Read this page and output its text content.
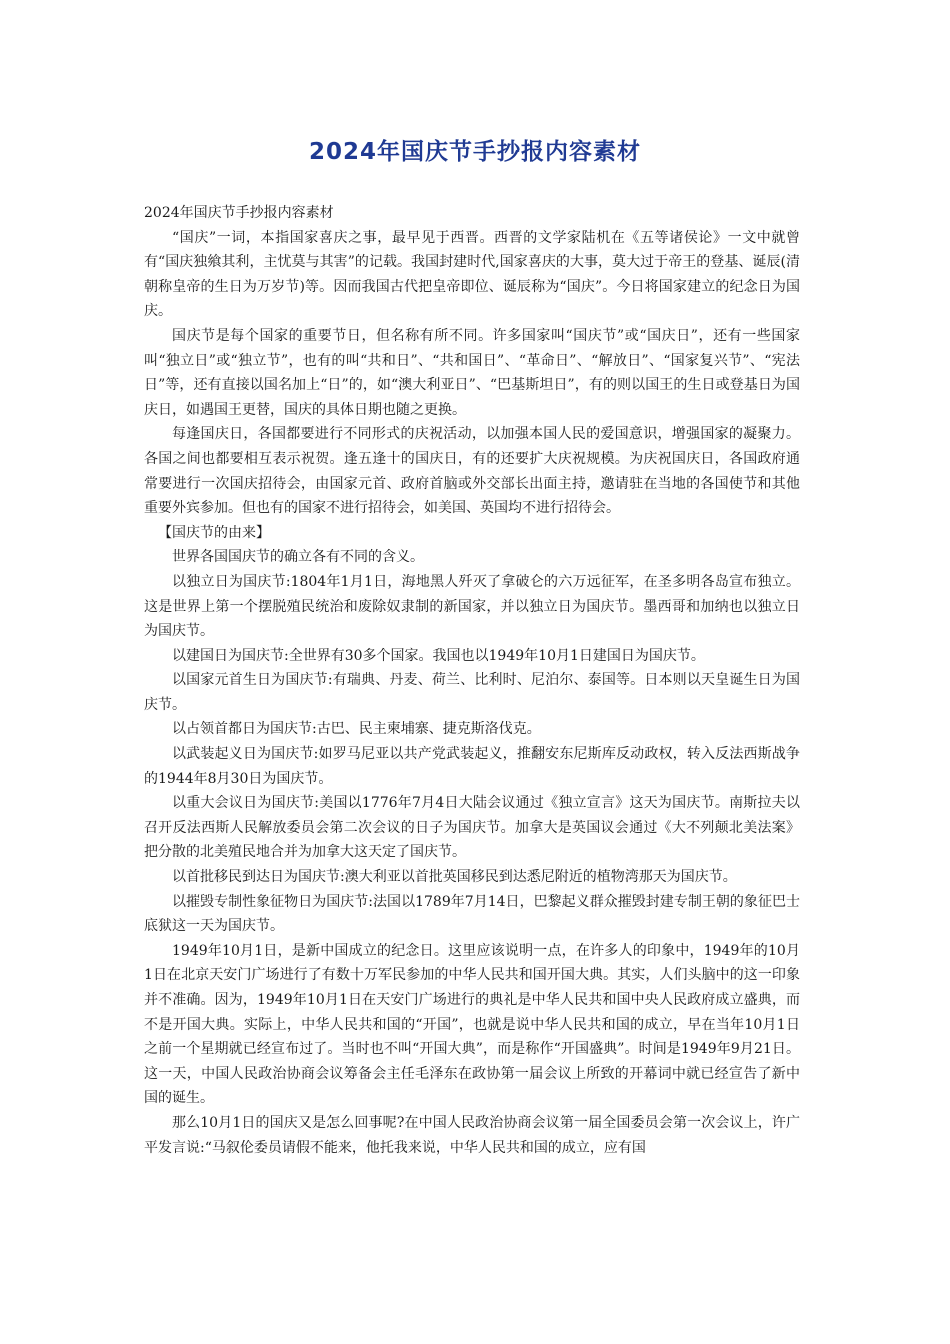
2024年国庆节手抄报内容素材

2024年国庆节手抄报内容素材

“国庆”一词，本指国家喜庆之事，最早见于西晋。西晋的文学家陆机在《五等诸侯论》一文中就曾有“国庆独飨其利，主忧莫与其害”的记载。我国封建时代,国家喜庆的大事，莫大过于帝王的登基、诞辰(清朝称皇帝的生日为万岁节)等。因而我国古代把皇帝即位、诞辰称为“国庆”。今日将国家建立的纪念日为国庆。

国庆节是每个国家的重要节日，但名称有所不同。许多国家叫“国庆节”或“国庆日”，还有一些国家叫“独立日”或“独立节”，也有的叫“共和日”、“共和国日”、“革命日”、“解放日”、“国家复兴节”、“宪法日”等，还有直接以国名加上“日”的，如“澳大利亚日”、“巴基斯坦日”，有的则以国王的生日或登基日为国庆日，如遇国王更替，国庆的具体日期也随之更换。

每逢国庆日，各国都要进行不同形式的庆祝活动，以加强本国人民的爱国意识，增强国家的凝聚力。各国之间也都要相互表示祝贺。逢五逢十的国庆日，有的还要扩大庆祝规模。为庆祝国庆日，各国政府通常要进行一次国庆招待会，由国家元首、政府首脑或外交部长出面主持，邀请驻在当地的各国使节和其他重要外宾参加。但也有的国家不进行招待会，如美国、英国均不进行招待会。

【国庆节的由来】

世界各国国庆节的确立各有不同的含义。

以独立日为国庆节:1804年1月1日，海地黑人歼灭了拿破仑的六万远征军，在圣多明各岛宣布独立。这是世界上第一个摆脱殖民统治和废除奴隶制的新国家，并以独立日为国庆节。墨西哥和加纳也以独立日为国庆节。

以建国日为国庆节:全世界有30多个国家。我国也以1949年10月1日建国日为国庆节。

以国家元首生日为国庆节:有瑞典、丹麦、荷兰、比利时、尼泊尔、泰国等。日本则以天皇诞生日为国庆节。

以占领首都日为国庆节:古巴、民主柬埔寨、捷克斯洛伐克。

以武装起义日为国庆节:如罗马尼亚以共产党武装起义，推翻安东尼斯库反动政权，转入反法西斯战争的1944年8月30日为国庆节。

以重大会议日为国庆节:美国以1776年7月4日大陆会议通过《独立宣言》这天为国庆节。南斯拉夫以召开反法西斯人民解放委员会第二次会议的日子为国庆节。加拿大是英国议会通过《大不列颠北美法案》把分散的北美殖民地合并为加拿大这天定了国庆节。

以首批移民到达日为国庆节:澳大利亚以首批英国移民到达悉尼附近的植物湾那天为国庆节。

以摧毁专制性象征物日为国庆节:法国以1789年7月14日，巴黎起义群众摧毁封建专制王朝的象征巴士底狱这一天为国庆节。

1949年10月1日，是新中国成立的纪念日。这里应该说明一点，在许多人的印象中，1949年的10月1日在北京天安门广场进行了有数十万军民参加的中华人民共和国开国大典。其实，人们头脑中的这一印象并不准确。因为，1949年10月1日在天安门广场进行的典礼是中华人民共和国中央人民政府成立盛典，而不是开国大典。实际上，中华人民共和国的“开国”，也就是说中华人民共和国的成立，早在当年10月1日之前一个星期就已经宣布过了。当时也不叫“开国大典”，而是称作“开国盛典”。时间是1949年9月21日。这一天，中国人民政治协商会议筹备会主任毛泽东在政协第一届会议上所致的开幕词中就已经宣告了新中国的诞生。

那么10月1日的国庆又是怎么回事呢?在中国人民政治协商会议第一届全国委员会第一次会议上，许广平发言说:“马叙伦委员请假不能来，他托我来说，中华人民共和国的成立，应有国
